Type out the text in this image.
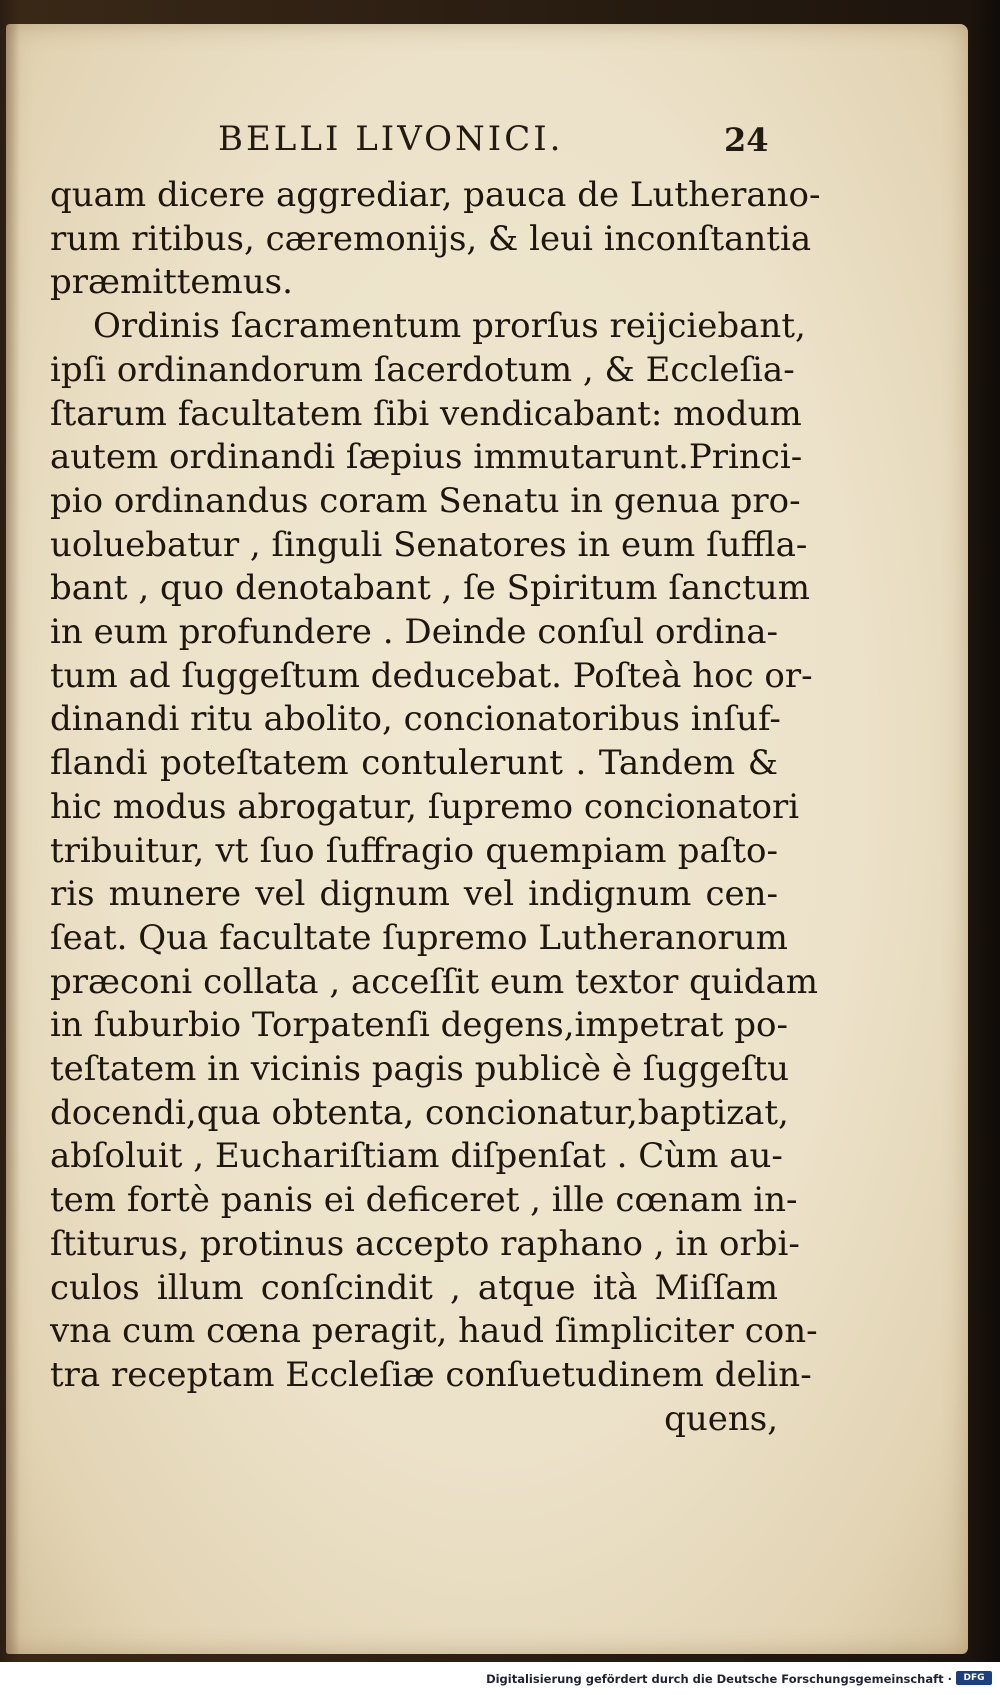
BELLI LIVONICI.	24
quam dicere aggrediar, pauca de Lutherano-
rum ritibus, cæremonijs, & leui inconſtantia
præmittemus.
Ordinis ſacramentum prorſus reijciebant,
ipſi ordinandorum ſacerdotum , & Eccleſia-
ſtarum facultatem ſibi vendicabant: modum
autem ordinandi ſæpius immutarunt.Princi-
pio ordinandus coram Senatu in genua pro-
uoluebatur , ſinguli Senatores in eum ſuffla-
bant , quo denotabant , ſe Spiritum ſanctum
in eum profundere . Deinde conſul ordina-
tum ad ſuggeſtum deducebat. Poſteà hoc or-
dinandi ritu abolito, concionatoribus inſuf-
flandi poteſtatem contulerunt . Tandem &
hic modus abrogatur, ſupremo concionatori
tribuitur, vt ſuo ſuffragio quempiam paſto-
ris munere vel dignum vel indignum cen-
ſeat. Qua facultate ſupremo Lutheranorum
præconi collata , acceſſit eum textor quidam
in ſuburbio Torpatenſi degens,impetrat po-
teſtatem in vicinis pagis publicè è ſuggeſtu
docendi,qua obtenta, concionatur,baptizat,
abſoluit , Euchariſtiam diſpenſat . Cùm au-
tem fortè panis ei deficeret , ille cœnam in-
ſtiturus, protinus accepto raphano , in orbi-
culos illum conſcindit , atque ità Miſſam
vna cum cœna peragit, haud ſimpliciter con-
tra receptam Eccleſiæ conſuetudinem delin-
quens,
Digitalisierung gefördert durch die Deutsche Forschungsgemeinschaft ·	DFG
